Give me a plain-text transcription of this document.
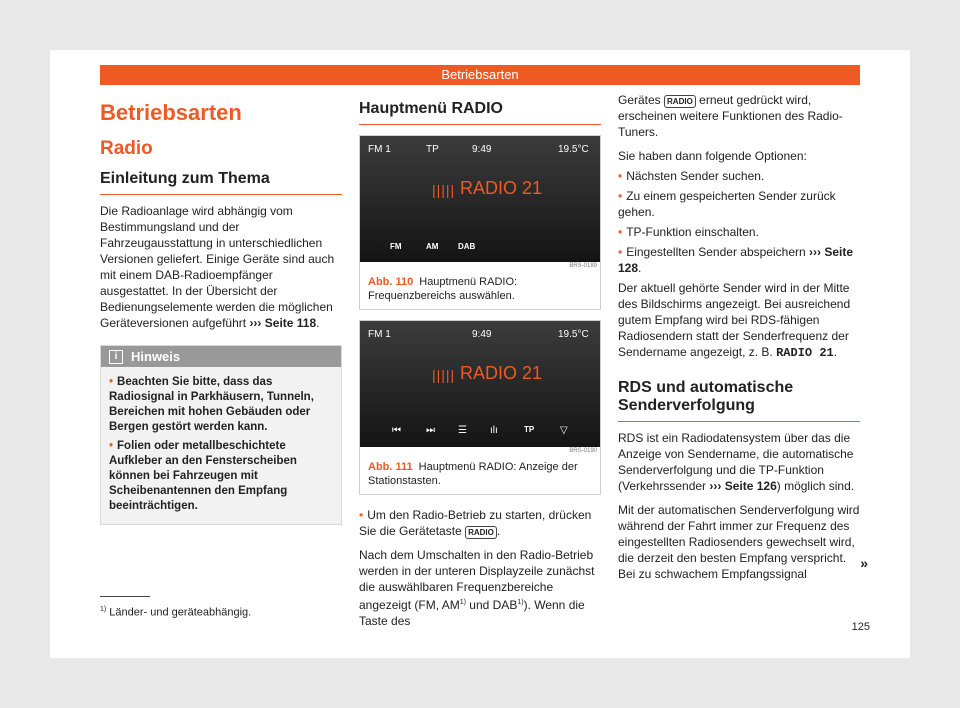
Betriebsarten
Betriebsarten
Radio
Einleitung zum Thema

Die Radioanlage wird abhängig vom Bestimmungsland und der Fahrzeugausstattung in unterschiedlichen Versionen geliefert. Einige Geräte sind auch mit einem DAB-Radioempfänger ausgestattet. In der Übersicht der Bedienungselemente werden die möglichen Geräteversionen aufgeführt ››› Seite 118.

i	Hinweis

• Beachten Sie bitte, dass das Radiosignal in Parkhäusern, Tunneln, Bereichen mit hohen Gebäuden oder Bergen gestört werden kann.

• Folien oder metallbeschichtete Aufkleber an den Fensterscheiben können bei Fahrzeugen mit Scheibenantennen den Empfang beeinträchtigen.

Hauptmenü RADIO
FM 1	TP	9:49	19.5°C
||||| RADIO 21
FM	AM DAB
BRS-0189
Abb. 110 Hauptmenü RADIO: Frequenzbereichs auswählen.
FM 1	9:49	19.5°C
||||| RADIO 21
⏮	⏭ ☰ ılı	TP	▽
BRS-0190
Abb. 111 Hauptmenü RADIO: Anzeige der Stationstasten.

• Um den Radio-Betrieb zu starten, drücken Sie die Gerätetaste RADIO .

Nach dem Umschalten in den Radio-Betrieb werden in der unteren Displayzeile zunächst die auswählbaren Frequenzbereiche angezeigt (FM, AM$^{1)}$ und DAB$^{1)}$). Wenn die Taste des

Gerätes RADIO erneut gedrückt wird, erscheinen weitere Funktionen des Radio-Tuners.

Sie haben dann folgende Optionen:

• Nächsten Sender suchen.

• Zu einem gespeicherten Sender zurück gehen.

• TP-Funktion einschalten.

• Eingestellten Sender abspeichern ››› Seite 128.

Der aktuell gehörte Sender wird in der Mitte des Bildschirms angezeigt. Bei ausreichend gutem Empfang wird bei RDS-fähigen Radiosendern statt der Senderfrequenz der Sendername angezeigt, z. B. RADIO 21.

RDS und automatische Senderverfolgung

RDS ist ein Radiodatensystem über das die Anzeige von Sendername, die automatische Senderverfolgung und die TP-Funktion (Verkehrssender ››› Seite 126) möglich sind.

Mit der automatischen Senderverfolgung wird während der Fahrt immer zur Frequenz des eingestellten Radiosenders gewechselt wird, die derzeit den besten Empfang verspricht. Bei zu schwachem Empfangssignal

»
$^{1)}$ Länder- und geräteabhängig.
125
